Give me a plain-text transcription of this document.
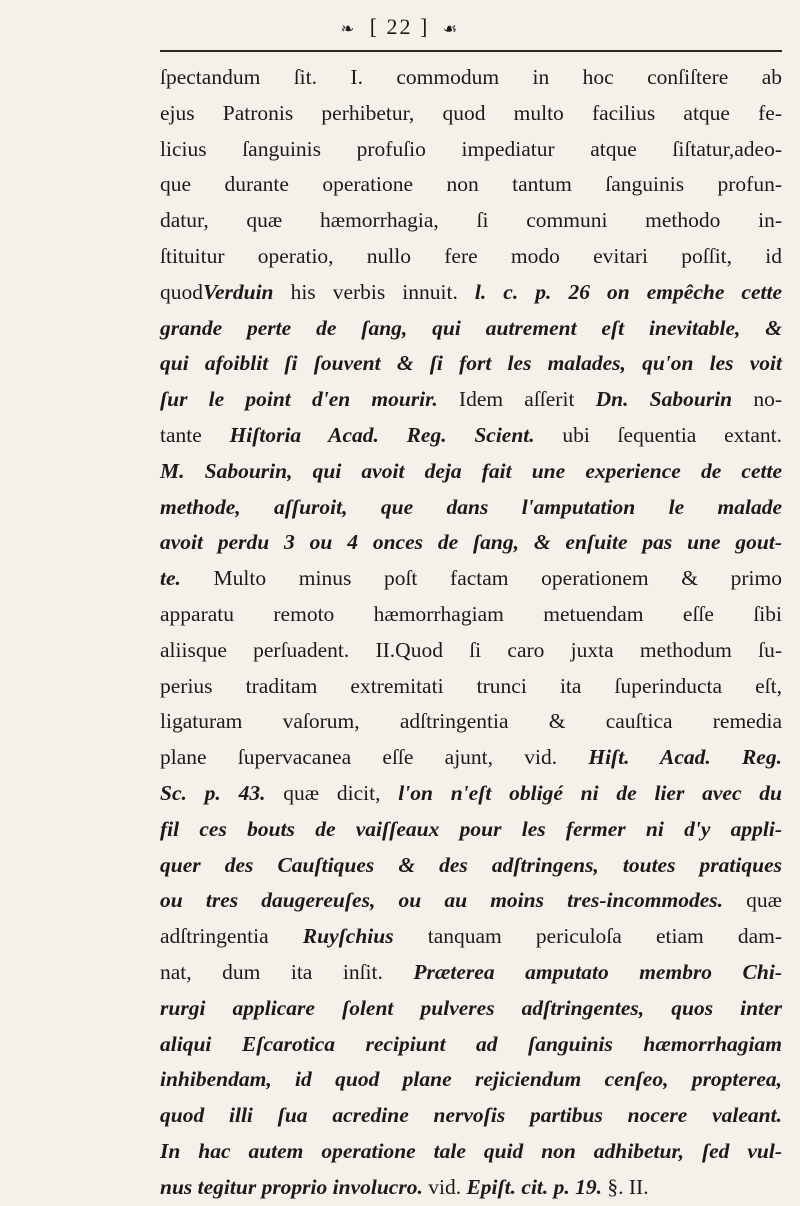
❧ [ 22 ] ☙
ſpectandum ſit. I. commodum in hoc conſiſtere ab
ejus Patronis perhibetur, quod multo facilius atque fe-
licius ſanguinis profuſio impediatur atque ſiſtatur,adeo-
que durante operatione non tantum ſanguinis profun-
datur, quæ hæmorrhagia, ſi communi methodo in-
ſtituitur operatio, nullo fere modo evitari poſſit, id
quodVerduin his verbis innuit. l. c. p. 26 on empêche cette
grande perte de ſang, qui autrement eſt inevitable, &
qui afoiblit ſi ſouvent & ſi fort les malades, qu'on les voit
ſur le point d'en mourir. Idem aſſerit Dn. Sabourin no-
tante Hiſtoria Acad. Reg. Scient. ubi ſequentia extant.
M. Sabourin, qui avoit deja fait une experience de cette
methode, aſſuroit, que dans l'amputation le malade
avoit perdu 3 ou 4 onces de ſang, & enſuite pas une gout-
te. Multo minus poſt factam operationem & primo
apparatu remoto hæmorrhagiam metuendam eſſe ſibi
aliisque perſuadent. II.Quod ſi caro juxta methodum ſu-
perius traditam extremitati trunci ita ſuperinducta eſt,
ligaturam vaſorum, adſtringentia & cauſtica remedia
plane ſupervacanea eſſe ajunt, vid. Hiſt. Acad. Reg.
Sc. p. 43. quæ dicit, l'on n'eſt obligé ni de lier avec du
fil ces bouts de vaiſſeaux pour les fermer ni d'y appli-
quer des Cauſtiques & des adſtringens, toutes pratiques
ou tres daugereuſes, ou au moins tres-incommodes. quæ
adſtringentia Ruyſchius tanquam periculoſa etiam dam-
nat, dum ita inſit. Præterea amputato membro Chi-
rurgi applicare ſolent pulveres adſtringentes, quos inter
aliqui Eſcarotica recipiunt ad ſanguinis hæmorrhagiam
inhibendam, id quod plane rejiciendum cenſeo, propterea,
quod illi ſua acredine nervoſis partibus nocere valeant.
In hac autem operatione tale quid non adhibetur, ſed vul-
nus tegitur proprio involucro. vid. Epiſt. cit. p. 19. §. II.
